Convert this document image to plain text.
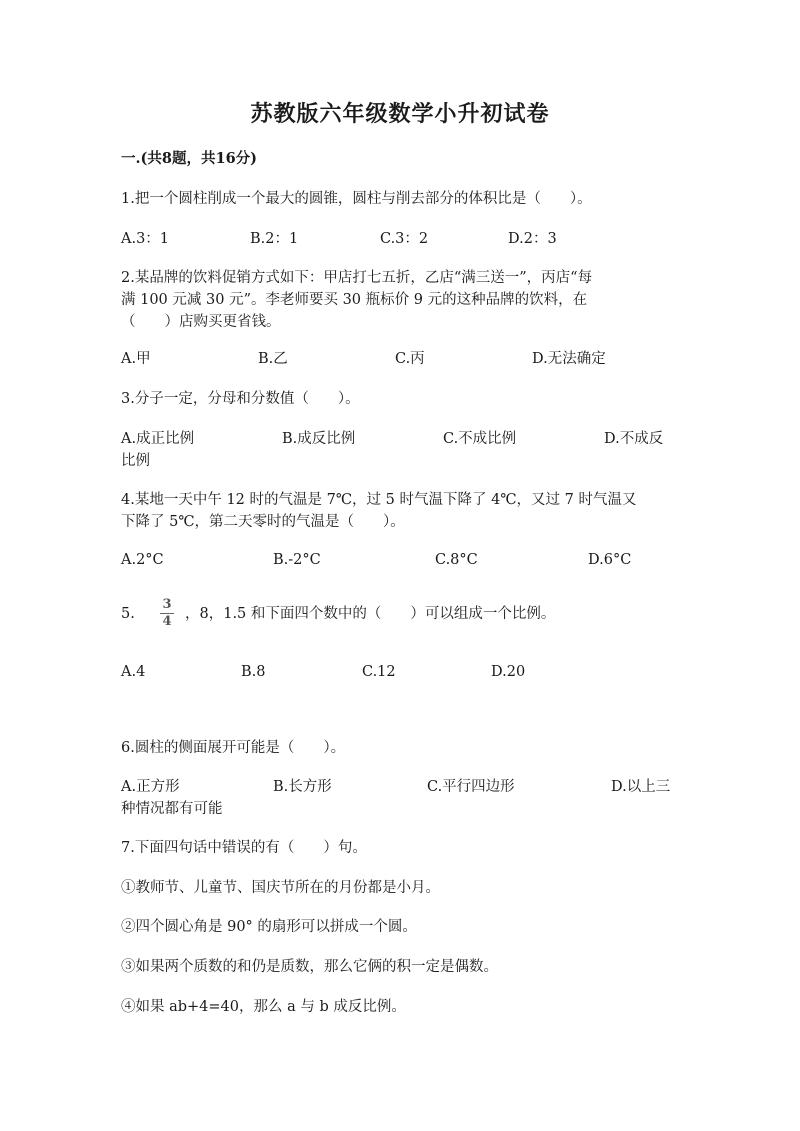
苏教版六年级数学小升初试卷
一.(共8题，共16分)
1.把一个圆柱削成一个最大的圆锥，圆柱与削去部分的体积比是（　　）。
A.3：1	B.2：1	C.3：2	D.2：3
2.某品牌的饮料促销方式如下：甲店打七五折，乙店“满三送一”，丙店“每
满 100 元减 30 元”。李老师要买 30 瓶标价 9 元的这种品牌的饮料，在
（　　）店购买更省钱。
A.甲	B.乙	C.丙	D.无法确定
3.分子一定，分母和分数值（　　）。
A.成正比例	B.成反比例	C.不成比例	D.不成反
比例
4.某地一天中午 12 时的气温是 7℃，过 5 时气温下降了 4℃，又过 7 时气温又
下降了 5℃，第二天零时的气温是（　　）。
A.2°C	B.-2°C	C.8°C	D.6°C
5.
3
4 ，8，1.5 和下面四个数中的（　　）可以组成一个比例。
A.4	B.8	C.12	D.20
6.圆柱的侧面展开可能是（　　）。
A.正方形	B.长方形	C.平行四边形	D.以上三
种情况都有可能
7.下面四句话中错误的有（　　）句。
①教师节、儿童节、国庆节所在的月份都是小月。
②四个圆心角是 90° 的扇形可以拼成一个圆。
③如果两个质数的和仍是质数，那么它俩的积一定是偶数。
④如果 ab+4=40，那么 a 与 b 成反比例。
